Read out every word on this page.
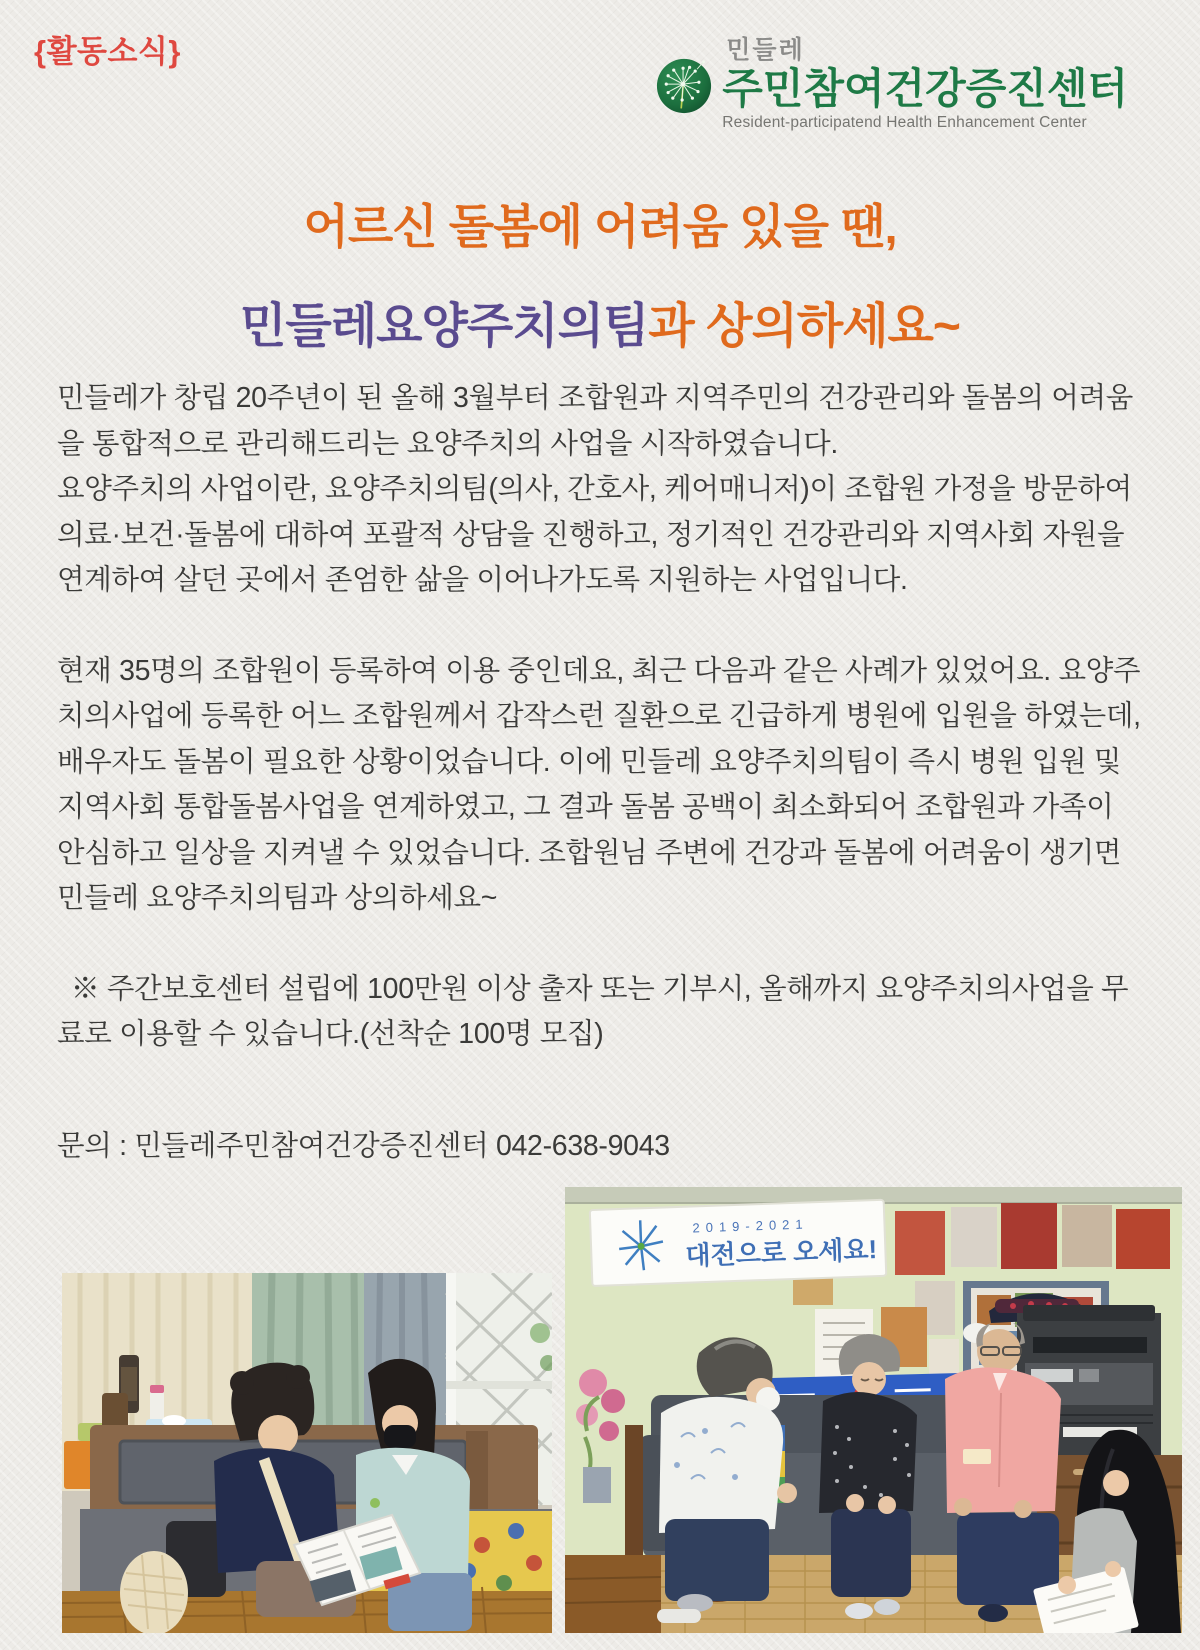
{활동소식}	민들레
주민참여건강증진센터
Resident-participatend Health Enhancement Center
어르신 돌봄에 어려움 있을 땐,
민들레요양주치의팀과 상의하세요~

민들레가 창립 20주년이 된 올해 3월부터 조합원과 지역주민의 건강관리와 돌봄의 어려움을 통합적으로 관리해드리는 요양주치의 사업을 시작하였습니다.

요양주치의 사업이란, 요양주치의팀(의사, 간호사, 케어매니저)이 조합원 가정을 방문하여 의료·보건·돌봄에 대하여 포괄적 상담을 진행하고, 정기적인 건강관리와 지역사회 자원을 연계하여 살던 곳에서 존엄한 삶을 이어나가도록 지원하는 사업입니다.

현재 35명의 조합원이 등록하여 이용 중인데요, 최근 다음과 같은 사례가 있었어요. 요양주치의사업에 등록한 어느 조합원께서 갑작스런 질환으로 긴급하게 병원에 입원을 하였는데, 배우자도 돌봄이 필요한 상황이었습니다. 이에 민들레 요양주치의팀이 즉시 병원 입원 및 지역사회 통합돌봄사업을 연계하였고, 그 결과 돌봄 공백이 최소화되어 조합원과 가족이 안심하고 일상을 지켜낼 수 있었습니다. 조합원님 주변에 건강과 돌봄에 어려움이 생기면 민들레 요양주치의팀과 상의하세요~

※ 주간보호센터 설립에 100만원 이상 출자 또는 기부시, 올해까지 요양주치의사업을 무료로 이용할 수 있습니다.(선착순 100명 모집)

문의 : 민들레주민참여건강증진센터 042-638-9043

2019-2021
대전으로 오세요!
